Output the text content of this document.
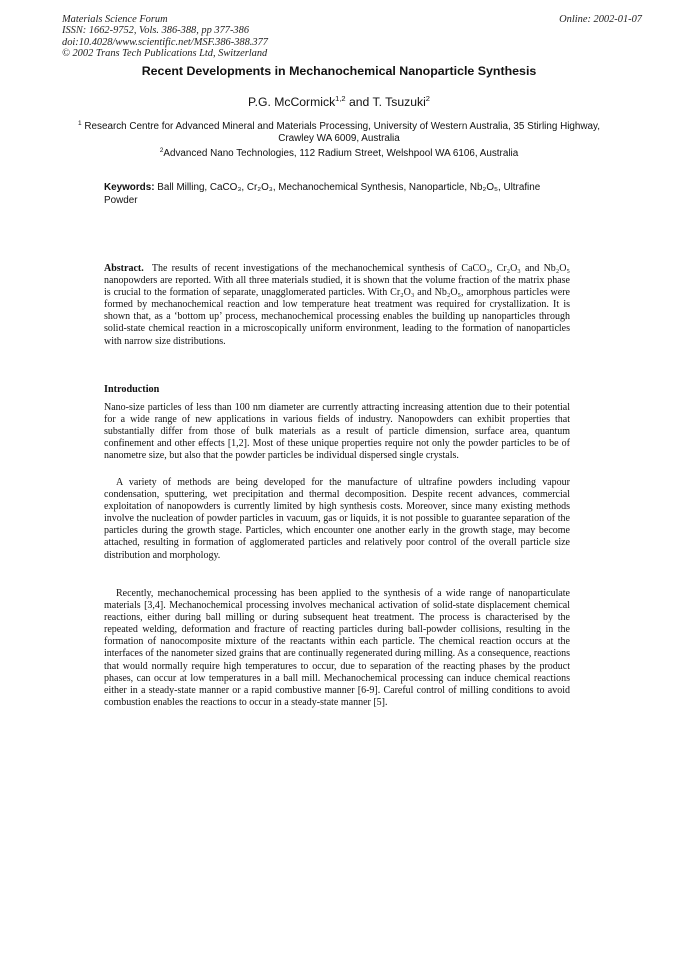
Materials Science Forum
ISSN: 1662-9752, Vols. 386-388, pp 377-386
doi:10.4028/www.scientific.net/MSF.386-388.377
© 2002 Trans Tech Publications Ltd, Switzerland
Online: 2002-01-07
Recent Developments in Mechanochemical Nanoparticle Synthesis
P.G. McCormick$^{1,2}$ and T. Tsuzuki$^2$
$^1$ Research Centre for Advanced Mineral and Materials Processing, University of Western Australia, 35 Stirling Highway, Crawley WA 6009, Australia
$^2$Advanced Nano Technologies, 112 Radium Street, Welshpool WA 6106, Australia
Keywords: Ball Milling, CaCO₃, Cr₂O₃, Mechanochemical Synthesis, Nanoparticle, Nb₂O₅, Ultrafine Powder
Abstract. The results of recent investigations of the mechanochemical synthesis of CaCO₃, Cr₂O₃ and Nb₂O₅ nanopowders are reported. With all three materials studied, it is shown that the volume fraction of the matrix phase is crucial to the formation of separate, unagglomerated particles. With Cr₂O₃ and Nb₂O₅, amorphous particles were formed by mechanochemical reaction and low temperature heat treatment was required for crystallization. It is shown that, as a ‘bottom up’ process, mechanochemical processing enables the building up nanoparticles through solid-state chemical reaction in a microscopically uniform environment, leading to the formation of nanoparticles with narrow size distributions.
Introduction
Nano-size particles of less than 100 nm diameter are currently attracting increasing attention due to their potential for a wide range of new applications in various fields of industry. Nanopowders can exhibit properties that substantially differ from those of bulk materials as a result of particle dimension, surface area, quantum confinement and other effects [1,2]. Most of these unique properties require not only the powder particles to be of nanometre size, but also that the powder particles be individual dispersed single crystals.
A variety of methods are being developed for the manufacture of ultrafine powders including vapour condensation, sputtering, wet precipitation and thermal decomposition. Despite recent advances, commercial exploitation of nanopowders is currently limited by high synthesis costs. Moreover, since many existing methods involve the nucleation of powder particles in vacuum, gas or liquids, it is not possible to guarantee separation of the particles during the growth stage. Particles, which encounter one another early in the growth stage, may become attached, resulting in formation of agglomerated particles and relatively poor control of the overall particle size distribution and morphology.
Recently, mechanochemical processing has been applied to the synthesis of a wide range of nanoparticulate materials [3,4]. Mechanochemical processing involves mechanical activation of solid-state displacement chemical reactions, either during ball milling or during subsequent heat treatment. The process is characterised by the repeated welding, deformation and fracture of reacting particles during ball-powder collisions, resulting in the formation of nanocomposite mixture of the reactants within each particle. The chemical reaction occurs at the interfaces of the nanometer sized grains that are continually regenerated during milling. As a consequence, reactions that would normally require high temperatures to occur, due to separation of the reacting phases by the product phases, can occur at low temperatures in a ball mill. Mechanochemical processing can induce chemical reactions either in a steady-state manner or a rapid combustive manner [6-9]. Careful control of milling conditions to avoid combustion enables the reactions to occur in a steady-state manner [5].
